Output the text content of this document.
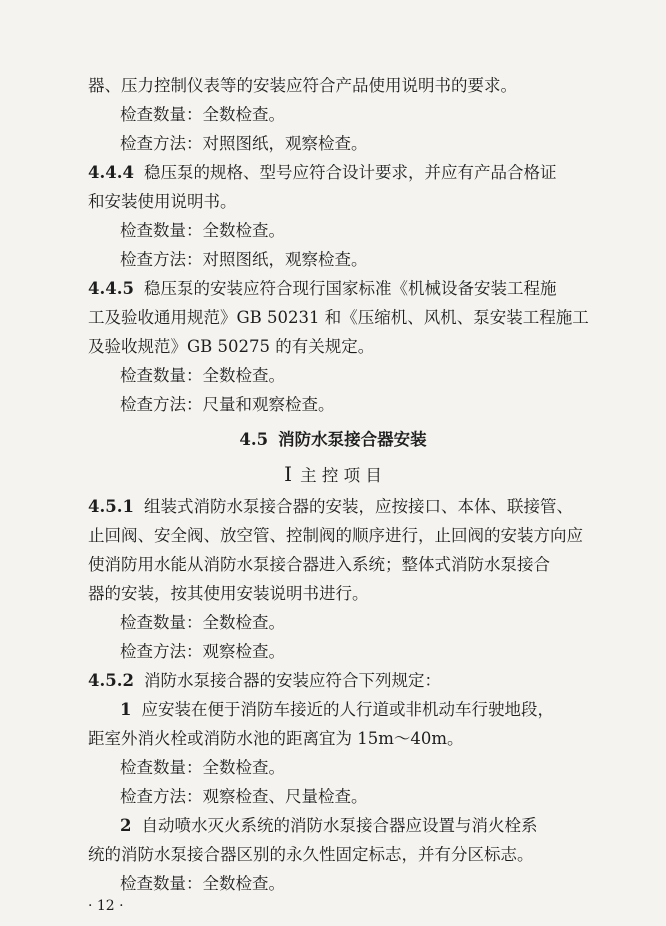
器、压力控制仪表等的安装应符合产品使用说明书的要求。
检查数量：全数检查。
检查方法：对照图纸，观察检查。
4.4.4 稳压泵的规格、型号应符合设计要求，并应有产品合格证
和安装使用说明书。
检查数量：全数检查。
检查方法：对照图纸，观察检查。
4.4.5 稳压泵的安装应符合现行国家标准《机械设备安装工程施
工及验收通用规范》GB 50231 和《压缩机、风机、泵安装工程施工
及验收规范》GB 50275 的有关规定。
检查数量：全数检查。
检查方法：尺量和观察检查。
4.5 消防水泵接合器安装
Ⅰ 主 控 项 目
4.5.1 组装式消防水泵接合器的安装，应按接口、本体、联接管、
止回阀、安全阀、放空管、控制阀的顺序进行，止回阀的安装方向应
使消防用水能从消防水泵接合器进入系统；整体式消防水泵接合
器的安装，按其使用安装说明书进行。
检查数量：全数检查。
检查方法：观察检查。
4.5.2 消防水泵接合器的安装应符合下列规定：
1 应安装在便于消防车接近的人行道或非机动车行驶地段，
距室外消火栓或消防水池的距离宜为 15m～40m。
检查数量：全数检查。
检查方法：观察检查、尺量检查。
2 自动喷水灭火系统的消防水泵接合器应设置与消火栓系
统的消防水泵接合器区别的永久性固定标志，并有分区标志。
检查数量：全数检查。
· 12 ·
